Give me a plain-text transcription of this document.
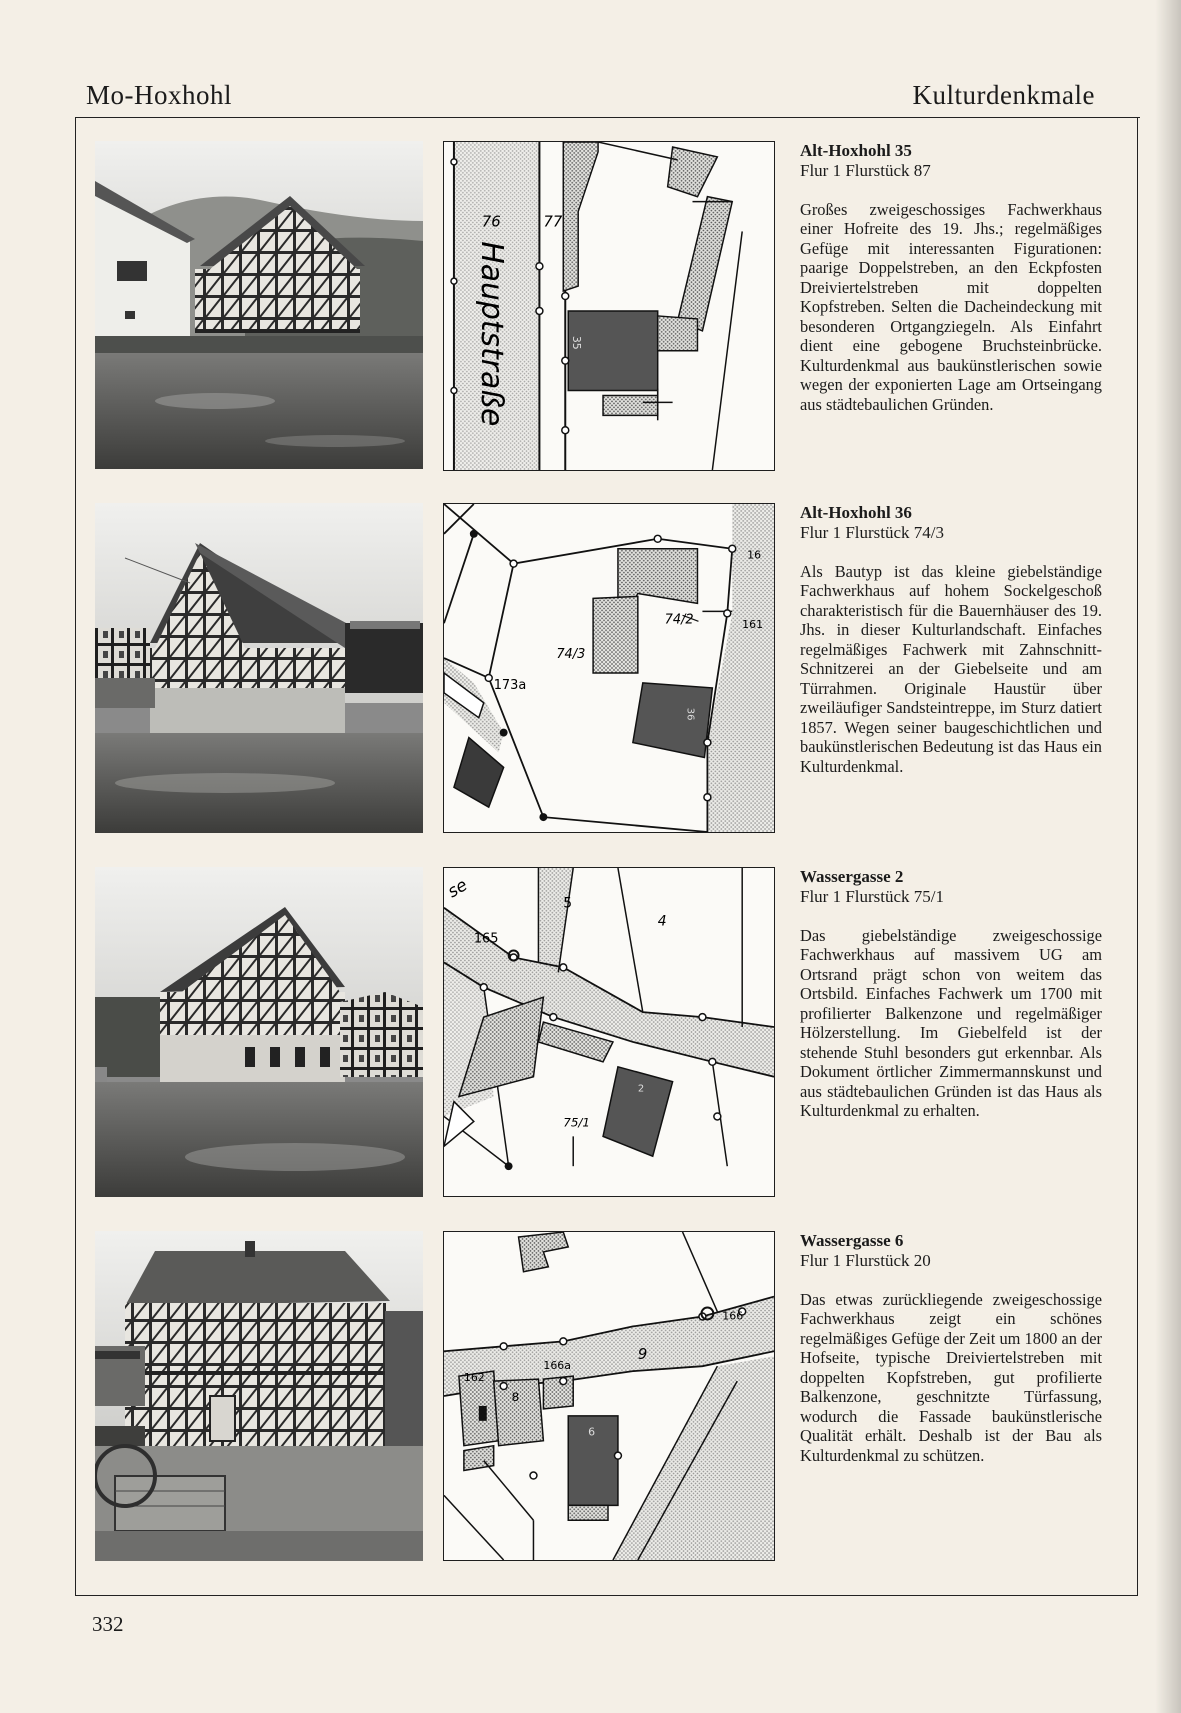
Mo-Hoxhohl	Kulturdenkmale
76	77
Hauptstraße	35
Alt-Hoxhohl 35
Flur 1 Flurstück 87

Großes zweigeschossiges Fachwerkhaus einer Hofreite des 19. Jhs.; regelmäßiges Gefüge mit interessanten Figurationen: paarige Doppelstreben, an den Eckpfosten Dreiviertelstreben mit doppelten Kopfstreben. Selten die Dacheindeckung mit besonderen Ortgangziegeln. Als Einfahrt dient eine gebogene Bruchsteinbrücke. Kulturdenkmal aus baukünstlerischen sowie wegen der exponierten Lage am Ortseingang aus städtebaulichen Gründen.

173a
74/3
74/2
16
161
36
Alt-Hoxhohl 36
Flur 1 Flurstück 74/3

Als Bautyp ist das kleine giebelständige Fachwerkhaus auf hohem Sockelgeschoß charakteristisch für die Bauernhäuser des 19. Jhs. in dieser Kulturlandschaft. Einfaches regelmäßiges Fachwerk mit Zahnschnitt-Schnitzerei an der Giebelseite und am Türrahmen. Originale Haustür über zweiläufiger Sandsteintreppe, im Sturz datiert 1857. Wegen seiner baugeschichtlichen und baukünstlerischen Bedeutung ist das Haus ein Kulturdenkmal.

se
5
4
165
2
75/1
Wassergasse 2
Flur 1 Flurstück 75/1

Das giebelständige zweigeschossige Fachwerkhaus auf massivem UG am Ortsrand prägt schon von weitem das Ortsbild. Einfaches Fachwerk um 1700 mit profilierter Balkenzone und regelmäßiger Hölzerstellung. Im Giebelfeld ist der stehende Stuhl besonders gut erkennbar. Als Dokument örtlicher Zimmermannskunst und aus städtebaulichen Gründen ist das Haus als Kulturdenkmal zu erhalten.

166
9
162
166a
8
6
Wassergasse 6
Flur 1 Flurstück 20

Das etwas zurückliegende zweigeschossige Fachwerkhaus zeigt ein schönes regelmäßiges Gefüge der Zeit um 1800 an der Hofseite, typische Dreiviertelstreben mit doppelten Kopfstreben, gut profilierte Balkenzone, geschnitzte Türfassung, wodurch die Fassade baukünstlerische Qualität erhält. Deshalb ist der Bau als Kulturdenkmal zu schützen.

332
